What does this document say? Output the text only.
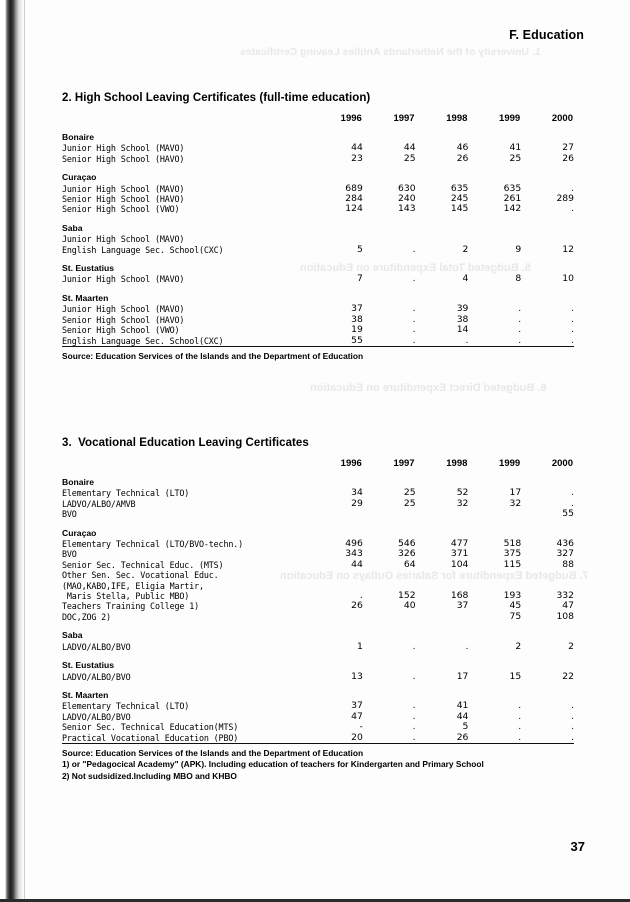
1. University of the Netherlands Antilles Leaving Certificates
5. Budgeted Total Expenditure on Education
6. Budgeted Direct Expenditure on Education
7. Budgeted Expenditure for Salaries Outlays on Education
F. Education
2. High School Leaving Certificates (full-time education)
	1996	1997	1998	1999	2000
Bonaire					
Junior High School (MAVO)	44	44	46	41	27
Senior High School (HAVO)	23	25	26	25	26

Curaçao					
Junior High School (MAVO)	689	630	635	635	.
Senior High School (HAVO)	284	240	245	261	289
Senior High School (VWO)	124	143	145	142	.

Saba					
Junior High School (MAVO)					
English Language Sec. School(CXC)	5	.	2	9	12

St. Eustatius					
Junior High School (MAVO)	7	.	4	8	10

St. Maarten					
Junior High School (MAVO)	37	.	39	.	.
Senior High School (HAVO)	38	.	38	.	.
Senior High School (VWO)	19	.	14	.	.
English Language Sec. School(CXC)	55	.	.	.	.

Source: Education Services of the Islands and the Department of Education
3.  Vocational Education Leaving Certificates
	1996	1997	1998	1999	2000
Bonaire					
Elementary Technical (LTO)	34	25	52	17	.
LADVO/ALBO/AMVB	29	25	32	32	.
BVO					55

Curaçao					
Elementary Technical (LTO/BVO-techn.)	496	546	477	518	436
BVO	343	326	371	375	327
Senior Sec. Technical Educ. (MTS)	44	64	104	115	88
Other Sen. Sec. Vocational Educ.					
(MAO,KABO,IFE, Eligia Martir,					
Maris Stella, Public MBO)	.	152	168	193	332
Teachers Training College 1)	26	40	37	45	47
DOC,ZOG 2)				75	108

Saba					
LADVO/ALBO/BVO	1	.	.	2	2

St. Eustatius					
LADVO/ALBO/BVO	13	.	17	15	22

St. Maarten					
Elementary Technical (LTO)	37	.	41	.	.
LADVO/ALBO/BVO	47	.	44	.	.
Senior Sec. Technical Education(MTS)	-	.	5	.	.
Practical Vocational Education (PBO)	20	.	26	.	.

Source: Education Services of the Islands and the Department of Education
1) or "Pedagocical Academy" (APK). Including education of teachers for Kindergarten and Primary School
2) Not sudsidized.Including MBO and KHBO
37
